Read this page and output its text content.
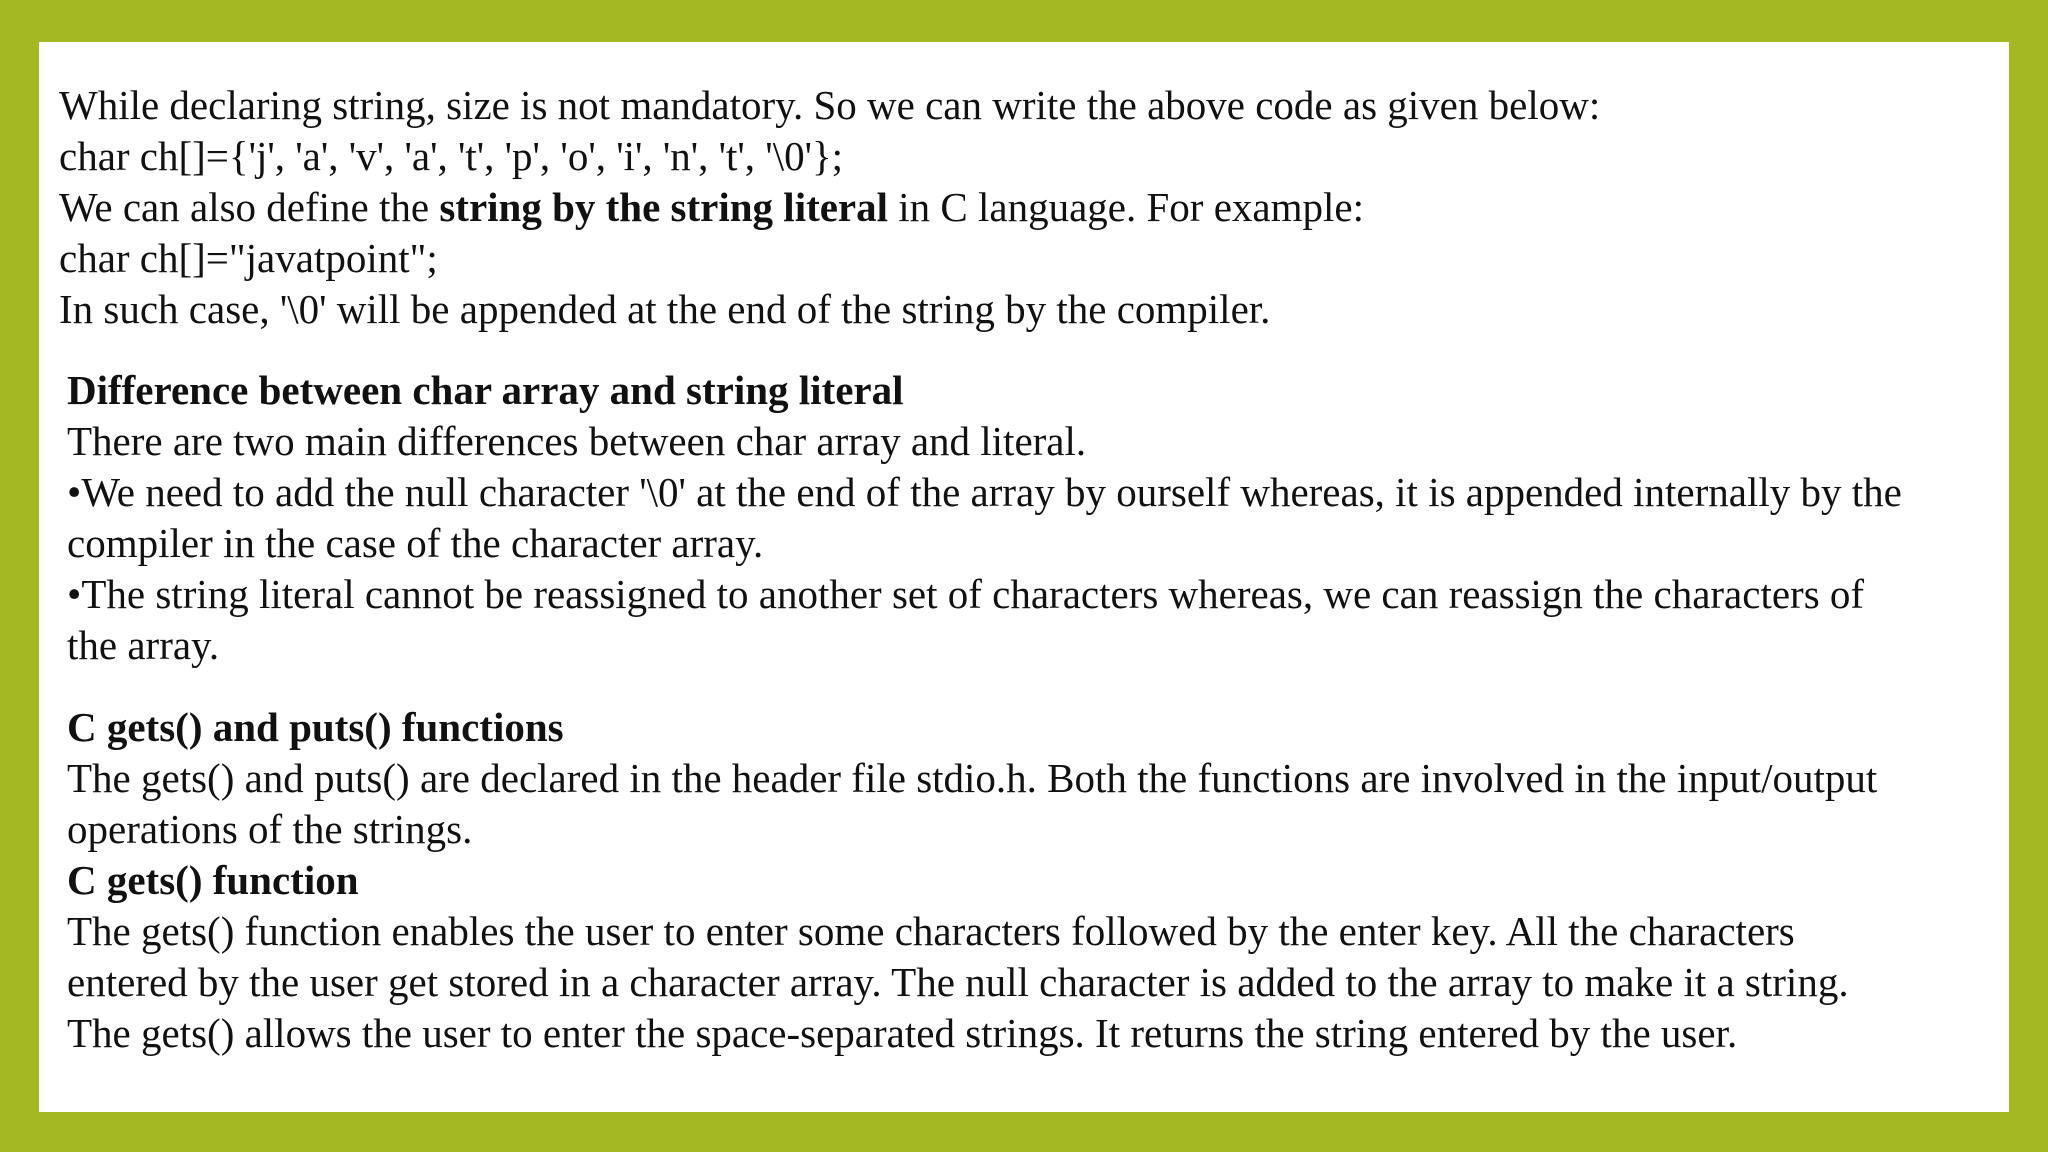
While declaring string, size is not mandatory. So we can write the above code as given below:
char ch[]={'j', 'a', 'v', 'a', 't', 'p', 'o', 'i', 'n', 't', '\0'};
We can also define the string by the string literal in C language. For example:
char ch[]="javatpoint";
In such case, '\0' will be appended at the end of the string by the compiler.
Difference between char array and string literal
There are two main differences between char array and literal.
•We need to add the null character '\0' at the end of the array by ourself whereas, it is appended internally by the
compiler in the case of the character array.
•The string literal cannot be reassigned to another set of characters whereas, we can reassign the characters of
the array.
C gets() and puts() functions
The gets() and puts() are declared in the header file stdio.h. Both the functions are involved in the input/output
operations of the strings.
C gets() function
The gets() function enables the user to enter some characters followed by the enter key. All the characters
entered by the user get stored in a character array. The null character is added to the array to make it a string.
The gets() allows the user to enter the space-separated strings. It returns the string entered by the user.
